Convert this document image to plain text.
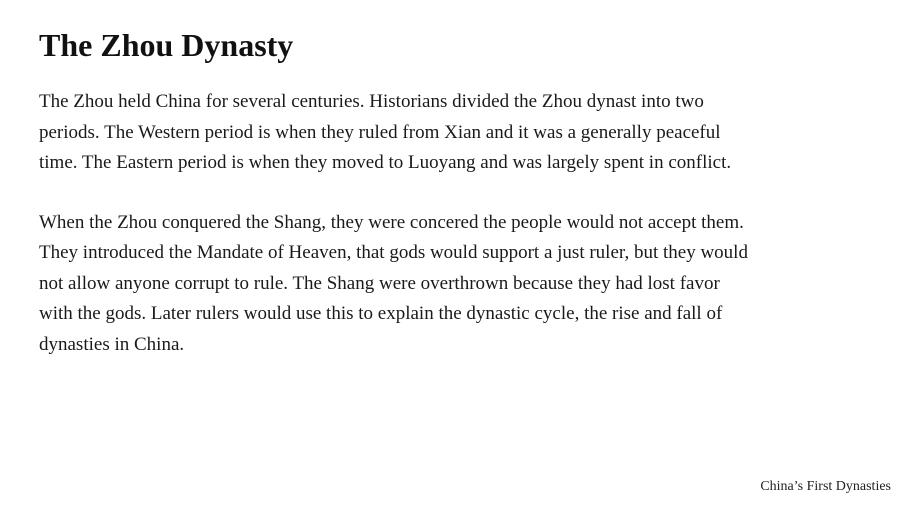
The Zhou Dynasty

The Zhou held China for several centuries. Historians divided the Zhou dynast into two
periods. The Western period is when they ruled from Xian and it was a generally peaceful
time. The Eastern period is when they moved to Luoyang and was largely spent in conflict.

When the Zhou conquered the Shang, they were concered the people would not accept them.
They introduced the Mandate of Heaven, that gods would support a just ruler, but they would
not allow anyone corrupt to rule. The Shang were overthrown because they had lost favor
with the gods. Later rulers would use this to explain the dynastic cycle, the rise and fall of
dynasties in China.

China’s First Dynasties
